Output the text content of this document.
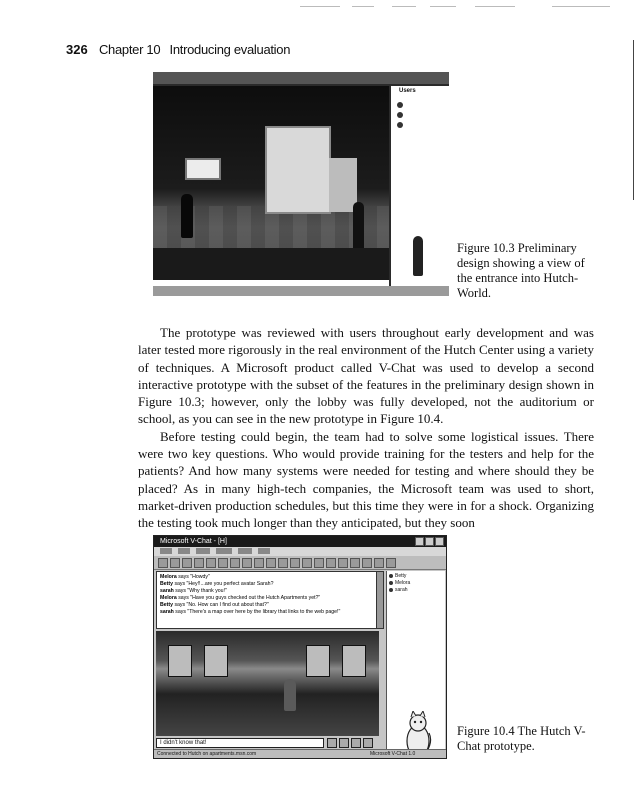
326 Chapter 10 Introducing evaluation
Users
Figure 10.3 Preliminary design showing a view of the entrance into Hutch-World.

The prototype was reviewed with users throughout early development and was later tested more rigorously in the real environment of the Hutch Center using a variety of techniques. A Microsoft product called V-Chat was used to develop a second interactive prototype with the subset of the features in the preliminary design shown in Figure 10.3; however, only the lobby was fully developed, not the auditorium or school, as you can see in the new prototype in Figure 10.4.

Before testing could begin, the team had to solve some logistical issues. There were two key questions. Who would provide training for the testers and help for the patients? And how many systems were needed for testing and where should they be placed? As in many high-tech companies, the Microsoft team was used to short, market-driven production schedules, but this time they were in for a shock. Organizing the testing took much longer than they anticipated, but they soon

Microsoft V-Chat - [H]
Melora says "Howdy"
Betty says "Hey!!...are you perfect avatar Sarah?
sarah says "Why thank you!"
Melora says "Have you guys checked out the Hutch Apartments yet?"
Betty says "No. How can I find out about that?"
sarah says "There's a map over here by the library that links to the web page!"
Betty
Melora
sarah
I didn't know that!
Connected to Hutch on apartments.msn.com	Microsoft V-Chat 1.0
Figure 10.4 The Hutch V-Chat prototype.
